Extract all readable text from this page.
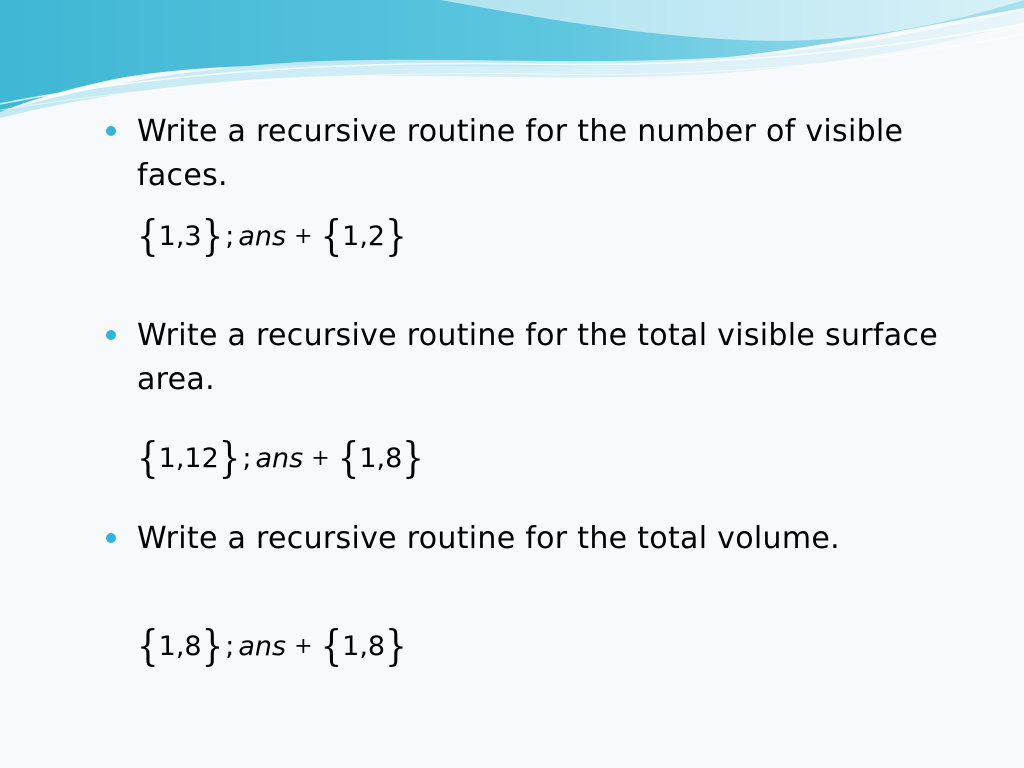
Write a recursive routine for the number of visible faces.
{ 1,3 } ; ans + { 1,2 }
Write a recursive routine for the total visible surface area.
{ 1,12 } ; ans + { 1,8 }
Write a recursive routine for the total volume.
{ 1,8 } ; ans + { 1,8 }
